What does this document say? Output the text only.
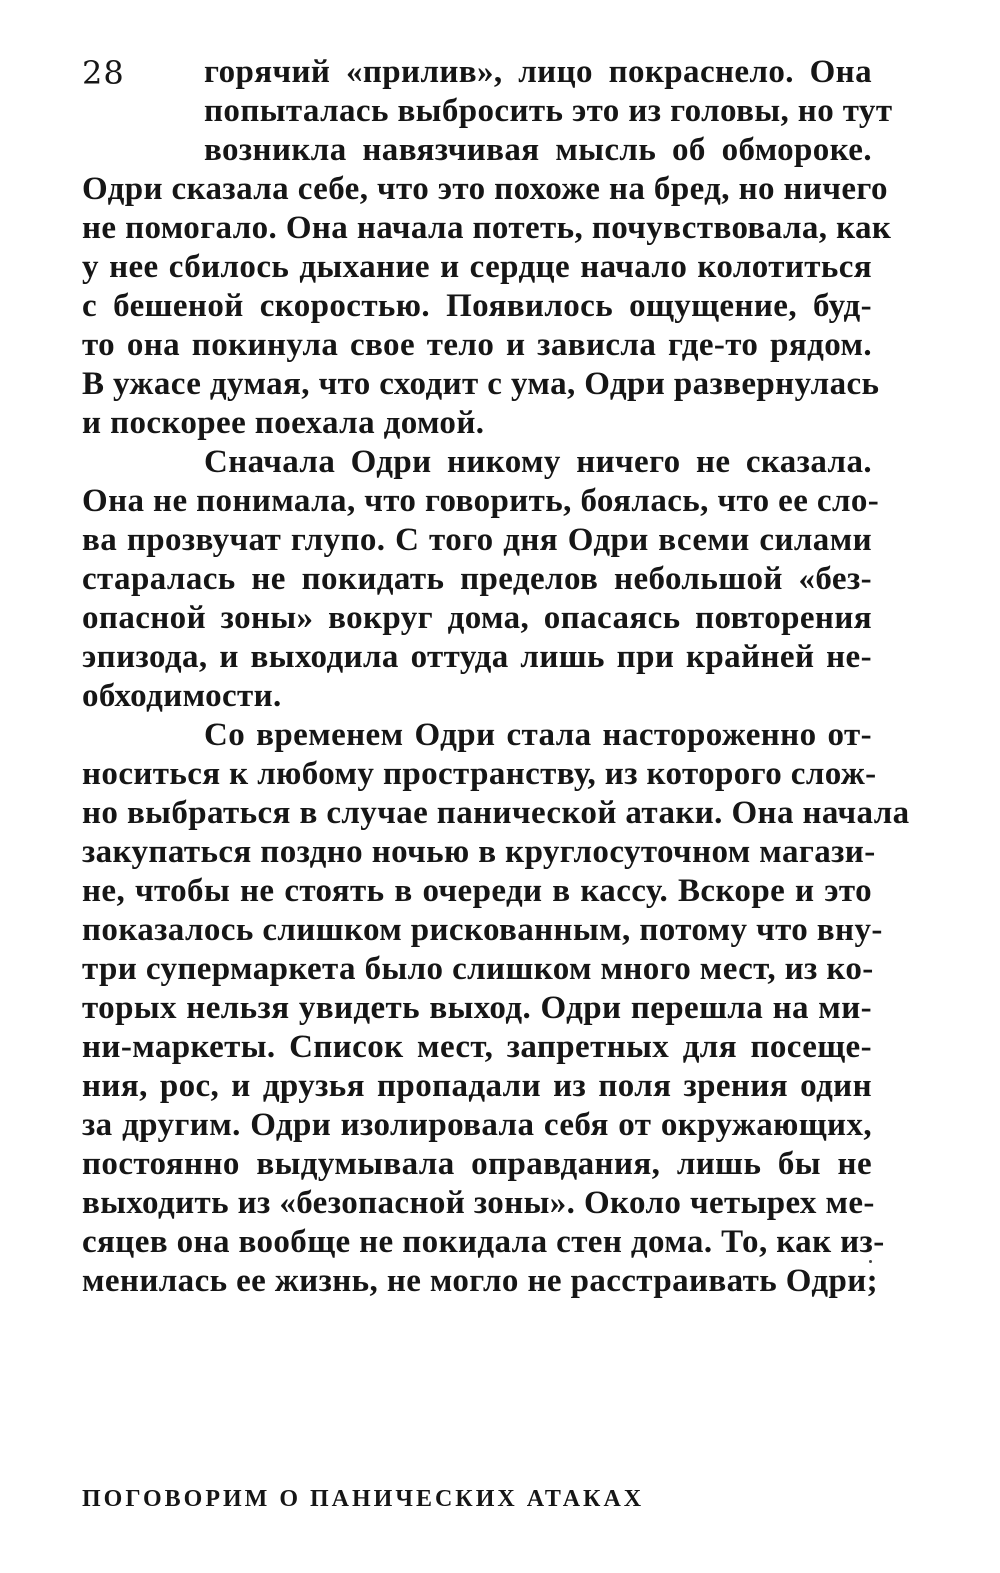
28	горячий «прилив», лицо покраснело. Она
попыталась выбросить это из головы, но тут
возникла навязчивая мысль об обмороке.
Одри сказала себе, что это похоже на бред, но ничего
не помогало. Она начала потеть, почувствовала, как
у нее сбилось дыхание и сердце начало колотиться
с бешеной скоростью. Появилось ощущение, буд-
то она покинула свое тело и зависла где-то рядом.
В ужасе думая, что сходит с ума, Одри развернулась
и поскорее поехала домой.
Сначала Одри никому ничего не сказала.
Она не понимала, что говорить, боялась, что ее сло-
ва прозвучат глупо. С того дня Одри всеми силами
старалась не покидать пределов небольшой «без-
опасной зоны» вокруг дома, опасаясь повторения
эпизода, и выходила оттуда лишь при крайней не-
обходимости.
Со временем Одри стала настороженно от-
носиться к любому пространству, из которого слож-
но выбраться в случае панической атаки. Она начала
закупаться поздно ночью в круглосуточном магази-
не, чтобы не стоять в очереди в кассу. Вскоре и это
показалось слишком рискованным, потому что вну-
три супермаркета было слишком много мест, из ко-
торых нельзя увидеть выход. Одри перешла на ми-
ни-маркеты. Список мест, запретных для посеще-
ния, рос, и друзья пропадали из поля зрения один
за другим. Одри изолировала себя от окружающих,
постоянно выдумывала оправдания, лишь бы не
выходить из «безопасной зоны». Около четырех ме-
сяцев она вообще не покидала стен дома. То, как из-
менилась ее жизнь, не могло не расстраивать Одри;
ПОГОВОРИМ О ПАНИЧЕСКИХ АТАКАХ
